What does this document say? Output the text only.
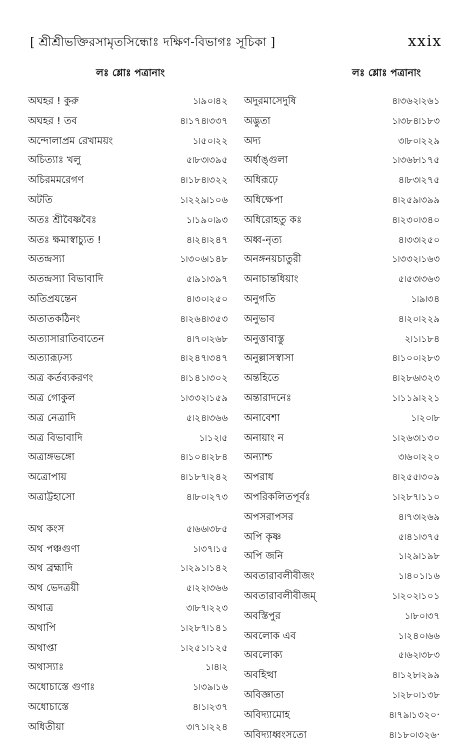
[ শ্রীশ্রীভক্তিরসামৃতসিন্ধোঃ দক্ষিণ-বিভাগঃ সূচিকা ]	xxix
লঃ শ্লোঃ পত্রানাং	লঃ শ্লোঃ পত্রানাং
অঘহর ! কুরু	১৷৯০৷৪২
অঘহর ! তব	৪৷১৭৪৷৩৩৭
অন্দোলাপ্রম রেখাময়ং	১৷৫০৷২২
অচিত্যাঃ খলু	৫৷৮৩৷৩৯৫
অচিরমমরেগণ	৪৷১৮৪৷৩২২
অটতি	১৷২২৯৷১০৬
অতঃ শ্রীবৈষ্ণবৈঃ	১৷১৯০৷৯৩
অতঃ ক্ষমাস্বাচ্যুত !	৪৷২৪৷২৪৭
অতন্দ্রস্যা	১৷৩০৬৷১৪৮
অতন্দ্রস্যা বিভাবাদি	৫৷৯১৷৩৯৭
অতিপ্রযন্তেন	৪৷৩০৷২৫০
অতাতকঠিনং	৪৷২৬৪৷৩৫৩
অত্যাসারাতিবাতেন	৪৷৭০৷২৬৮
অত্যারূঢ়স্য	৪৷২৪৭৷৩৪৭
অত্র কর্তব্যকরণং	৪৷১৪১৷৩০২
অত্র গোকুল	১৷৩৩২৷১৫৯
অত্র নেত্রাদি	৫৷২৪৷৩৬৬
অত্র বিভাবাদি	১৷১২৷৫
অত্রাঙ্গভঙ্গো	৪৷১০৪৷২৮৪
অত্রোপায়	৪৷১৮৭৷২৪২
অত্রাট্টহাসো	৪৷৮০৷২৭৩
অথ কংস	৫৷৬৬৷৩৮৫
অথ পঞ্চগুণা	১৷৩৭৷১৫
অথ ব্রহ্মাদি	১৷২৯১৷১৪২
অথ ভেদত্রয়ী	৫৷২২৷৩৬৬
অথাত্র	৩৷৮৭৷২২৩
অথাপি	১৷২৮৭৷১৪১
অথাপ্তা	১৷২৫১৷১২৫
অথাস্যাঃ	১৷৪৷২
অধোচাস্তে গুণাঃ	১৷৩৯৷১৬
অধোচাস্তে	৪৷১৷২৩৭
অধিতীয়া	৩৷৭১৷২২৪
অদুরমাসেদুষি	৪৷৩৬২৷২৬১
অদ্ভুতা	১৷৩৮৪৷১৮৩
অদ্য	৩৷৮০৷২২৯
অর্ধাঙ্গুলা	১৷৩৬৮৷১৭৫
অধিরূঢ়ে	৪৷৮৩৷২৭৫
অধিক্ষেপা	৪৷২৫৯৷৩৯৯
অধিরোহতু কঃ	৪৷২৩০৷৩৪০
অধ্ব-নৃত্য	৪৷৩৩৷২৫০
অনঙ্গনয়চাতুরী	১৷৩৩২৷১৬৩
অনাচান্তধিয়াং	৫৷৫৩৷৩৬৩
অনুগতি	১৷৯৷৩৪
অনুভাব	৪৷২০৷২২৯
অনুত্তাবাস্তু	২৷১৷১৮৪
অনুল্লাসস্বাসা	৪৷১০০৷২৮৩
অন্তহিতে	৪৷২৮৬৷৩২৩
অন্তারাদনেঃ	১৷১১৯৷২২১
অনাবেশা	১৷২০৷৮
অনায়াং ন	১৷২৬৩৷১৩০
অন্যাশ্চ	৩৷৬০৷২২০
অপরাধ	৪৷২৫৫৷৩০৯
অপরিকলিতপূর্বঃ	১৷২৮৭৷১১০
অপসরাপসর	৪৷৭৩৷২৬৯
অপি কৃষ্ণ	৫৷৪১৷৩৭৫
অপি জনি	১৷২৯৷১৯৮
অবতারাবলীবীজং	১৷৪০১৷১৬
অবতারাবলীবীজম্	১৷২০২৷১০১
অবস্তিপুর	১৷৮০৷৩৭
অবলোক এব	১৷২৪০৷৬৬
অবলোক্য	৫৷৬২৷৩৮৩
অবহিত্থা	৪৷১২৮৷২৯৯
অবিজ্ঞাতা	১৷২৮০৷১৩৮
অবিদ্যামোহ	৪৷৭৯৷১৩২০·
অবিদ্যাধ্বংসতো	৪৷১৮০৷৩২৬·
